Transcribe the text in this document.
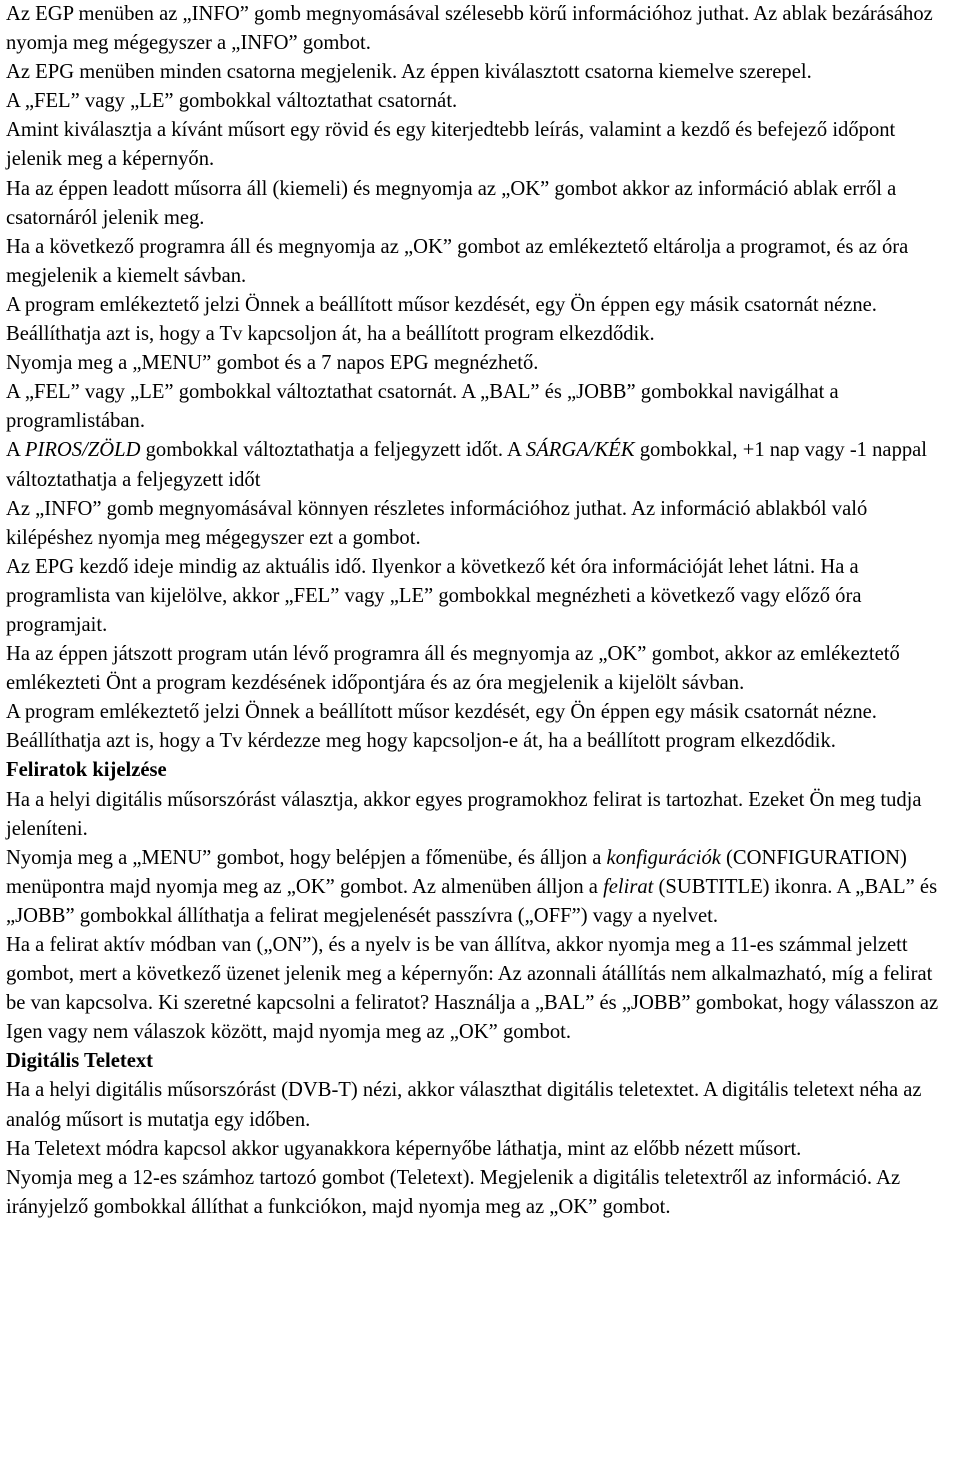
Az EGP menüben az „INFO” gomb megnyomásával szélesebb körű információhoz juthat. Az ablak bezárásához nyomja meg mégegyszer a „INFO” gombot.

Az EPG menüben minden csatorna megjelenik. Az éppen kiválasztott csatorna kiemelve szerepel.

A „FEL” vagy „LE” gombokkal változtathat csatornát.

Amint kiválasztja a kívánt műsort egy rövid és egy kiterjedtebb leírás, valamint a kezdő és befejező időpont jelenik meg a képernyőn.

Ha az éppen leadott műsorra áll (kiemeli) és megnyomja az „OK” gombot akkor az információ ablak erről a csatornáról jelenik meg.

Ha a következő programra áll és megnyomja az „OK” gombot az emlékeztető eltárolja a programot, és az óra megjelenik a kiemelt sávban.

A program emlékeztető jelzi Önnek a beállított műsor kezdését, egy Ön éppen egy másik csatornát nézne. Beállíthatja azt is, hogy a Tv kapcsoljon át, ha a beállított program elkezdődik.

Nyomja meg a „MENU” gombot és a 7 napos EPG megnézhető.

A „FEL” vagy „LE” gombokkal változtathat csatornát. A „BAL” és „JOBB” gombokkal navigálhat a programlistában.

A PIROS/ZÖLD gombokkal változtathatja a feljegyzett időt. A SÁRGA/KÉK gombokkal, +1 nap vagy -1 nappal változtathatja a feljegyzett időt

Az „INFO” gomb megnyomásával könnyen részletes információhoz juthat. Az információ ablakból való kilépéshez nyomja meg mégegyszer ezt a gombot.

Az EPG kezdő ideje mindig az aktuális idő. Ilyenkor a következő két óra információját lehet látni. Ha a programlista van kijelölve, akkor „FEL” vagy „LE” gombokkal megnézheti a következő vagy előző óra programjait.

Ha az éppen játszott program után lévő programra áll és megnyomja az „OK” gombot, akkor az emlékeztető emlékezteti Önt a program kezdésének időpontjára és az óra megjelenik a kijelölt sávban.

A program emlékeztető jelzi Önnek a beállított műsor kezdését, egy Ön éppen egy másik csatornát nézne. Beállíthatja azt is, hogy a Tv kérdezze meg hogy kapcsoljon-e át, ha a beállított program elkezdődik.

Feliratok kijelzése

Ha a helyi digitális műsorszórást választja, akkor egyes programokhoz felirat is tartozhat. Ezeket Ön meg tudja jeleníteni.

Nyomja meg a „MENU” gombot, hogy belépjen a főmenübe, és álljon a konfigurációk (CONFIGURATION) menüpontra majd nyomja meg az „OK” gombot. Az almenüben álljon a felirat (SUBTITLE) ikonra. A „BAL” és „JOBB” gombokkal állíthatja a felirat megjelenését passzívra („OFF”) vagy a nyelvet.

Ha a felirat aktív módban van („ON”), és a nyelv is be van állítva, akkor nyomja meg a 11-es számmal jelzett gombot, mert a következő üzenet jelenik meg a képernyőn: Az azonnali átállítás nem alkalmazható, míg a felirat be van kapcsolva. Ki szeretné kapcsolni a feliratot? Használja a „BAL” és „JOBB” gombokat, hogy válasszon az Igen vagy nem válaszok között, majd nyomja meg az „OK” gombot.

Digitális Teletext

Ha a helyi digitális műsorszórást (DVB-T) nézi, akkor választhat digitális teletextet. A digitális teletext néha az analóg műsort is mutatja egy időben.

Ha Teletext módra kapcsol akkor ugyanakkora képernyőbe láthatja, mint az előbb nézett műsort.

Nyomja meg a 12-es számhoz tartozó gombot (Teletext). Megjelenik a digitális teletextről az információ. Az irányjelző gombokkal állíthat a funkciókon, majd nyomja meg az „OK” gombot.
